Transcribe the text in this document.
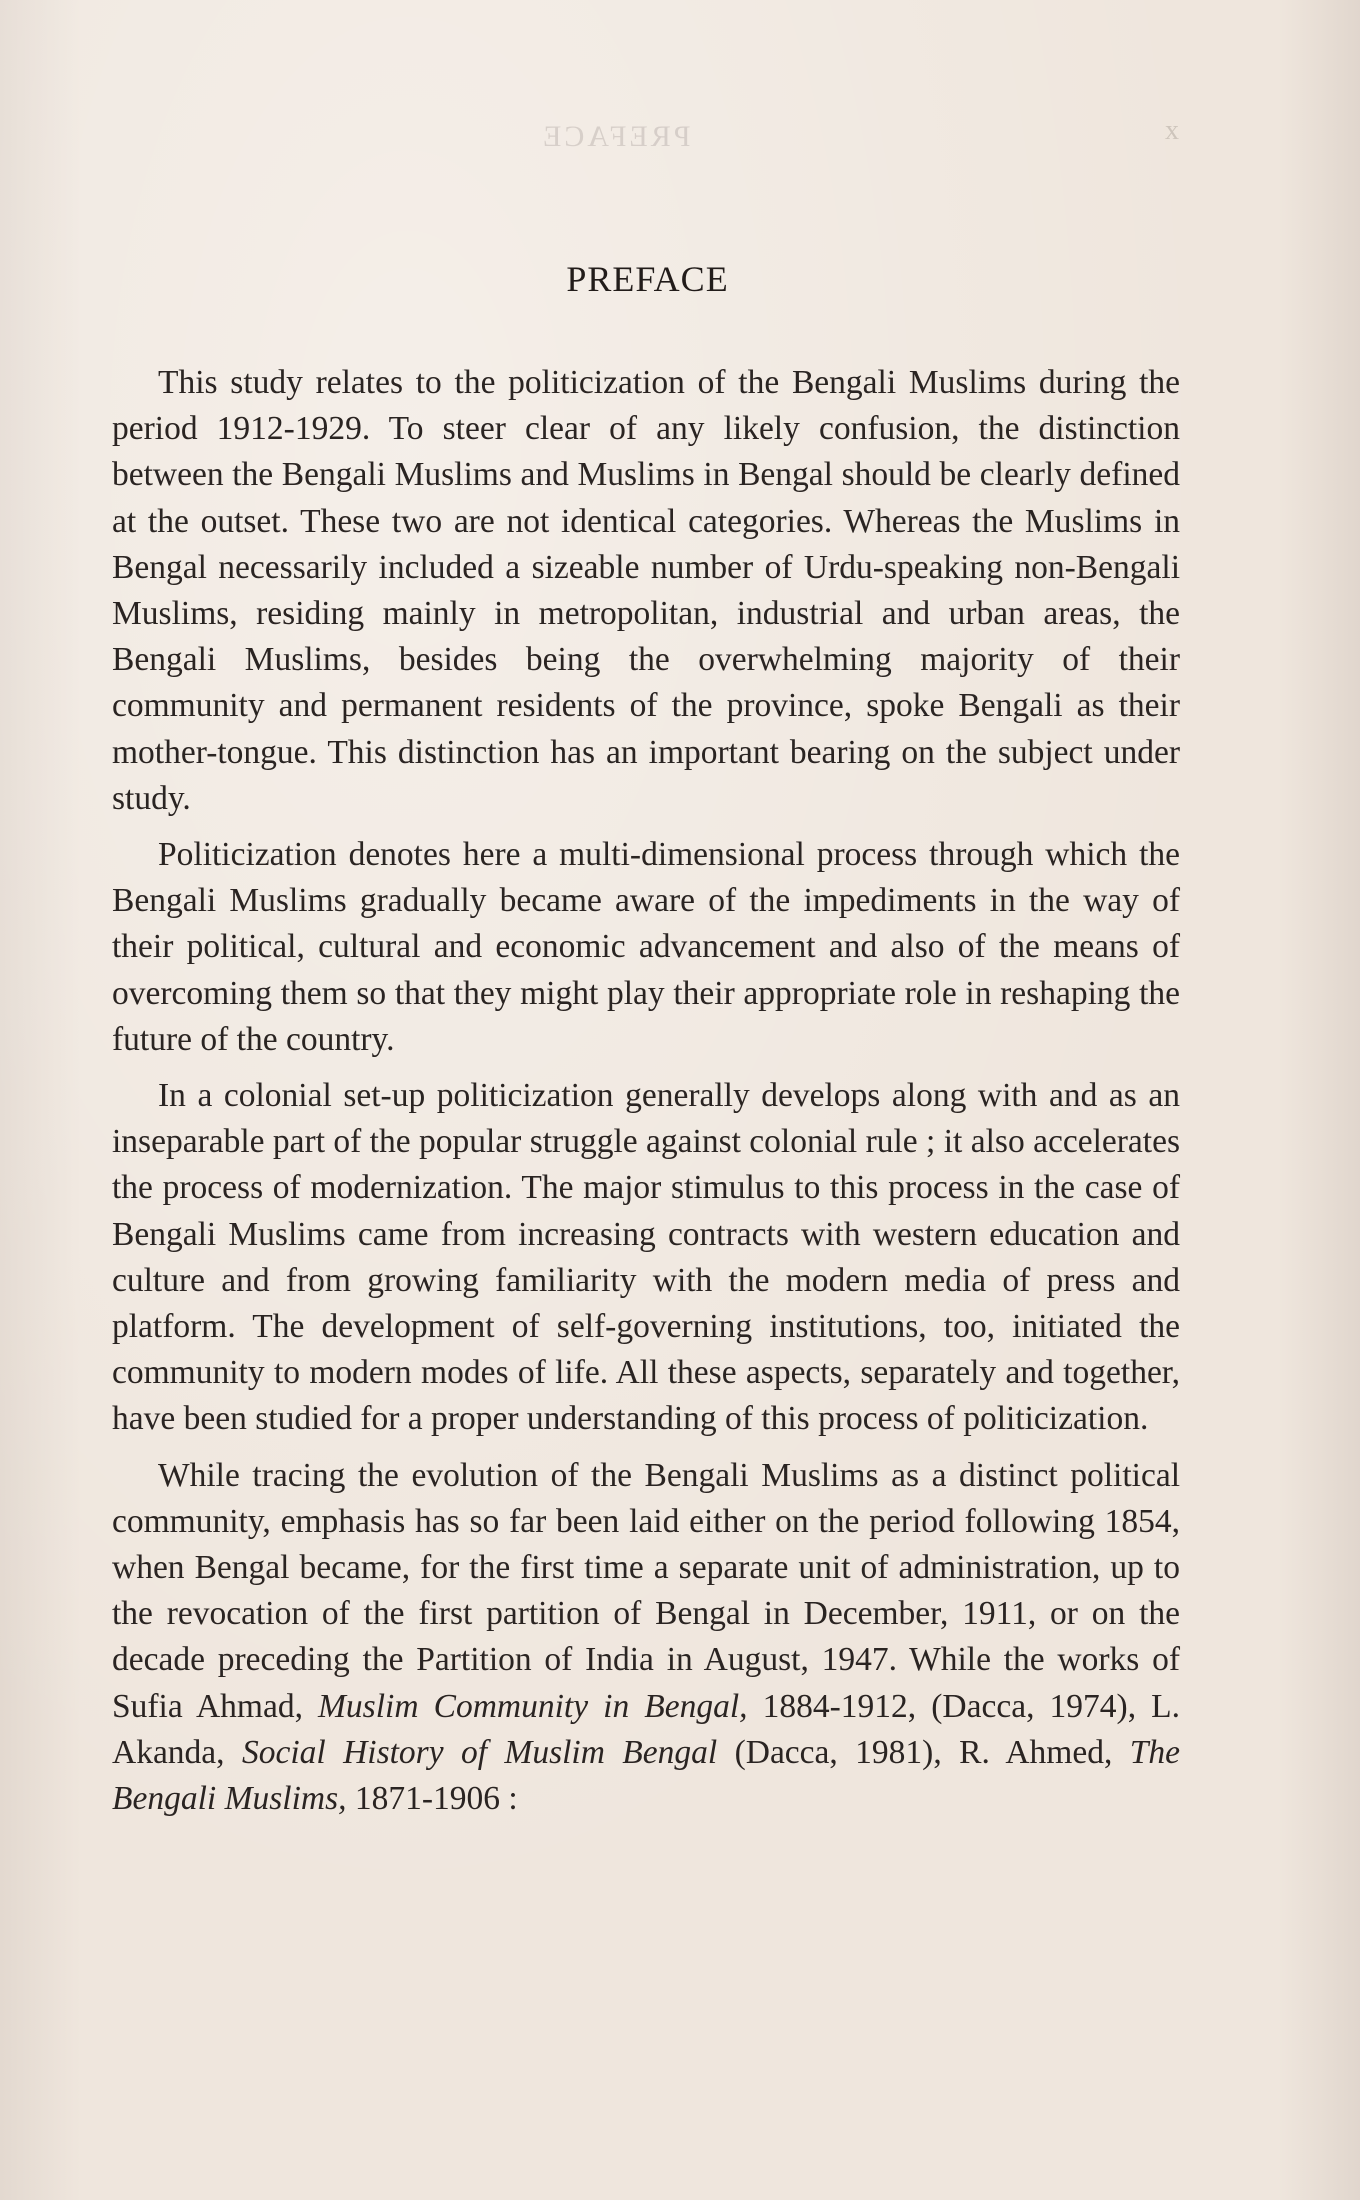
PREFACE	x
PREFACE

This study relates to the politicization of the Bengali Muslims during the period 1912-1929. To steer clear of any likely confusion, the distinction between the Bengali Muslims and Muslims in Bengal should be clearly defined at the outset. These two are not identical categories. Whereas the Muslims in Bengal necessarily included a sizeable number of Urdu-speaking non-Bengali Muslims, residing mainly in metropolitan, industrial and urban areas, the Bengali Muslims, besides being the overwhelming majority of their community and permanent residents of the province, spoke Bengali as their mother-tongue. This distinction has an important bearing on the subject under study.

Politicization denotes here a multi-dimensional process through which the Bengali Muslims gradually became aware of the impediments in the way of their political, cultural and economic advancement and also of the means of overcoming them so that they might play their appropriate role in reshaping the future of the country.

In a colonial set-up politicization generally develops along with and as an inseparable part of the popular struggle against colonial rule ; it also accelerates the process of modernization. The major stimulus to this process in the case of Bengali Muslims came from increasing contracts with western education and culture and from growing familiarity with the modern media of press and platform. The development of self-governing institutions, too, initiated the community to modern modes of life. All these aspects, separately and together, have been studied for a proper understanding of this process of politicization.

While tracing the evolution of the Bengali Muslims as a distinct political community, emphasis has so far been laid either on the period following 1854, when Bengal became, for the first time a separate unit of administration, up to the revocation of the first partition of Bengal in December, 1911, or on the decade preceding the Partition of India in August, 1947. While the works of Sufia Ahmad, Muslim Community in Bengal, 1884-1912, (Dacca, 1974), L. Akanda, Social History of Muslim Bengal (Dacca, 1981), R. Ahmed, The Bengali Muslims, 1871-1906 :
